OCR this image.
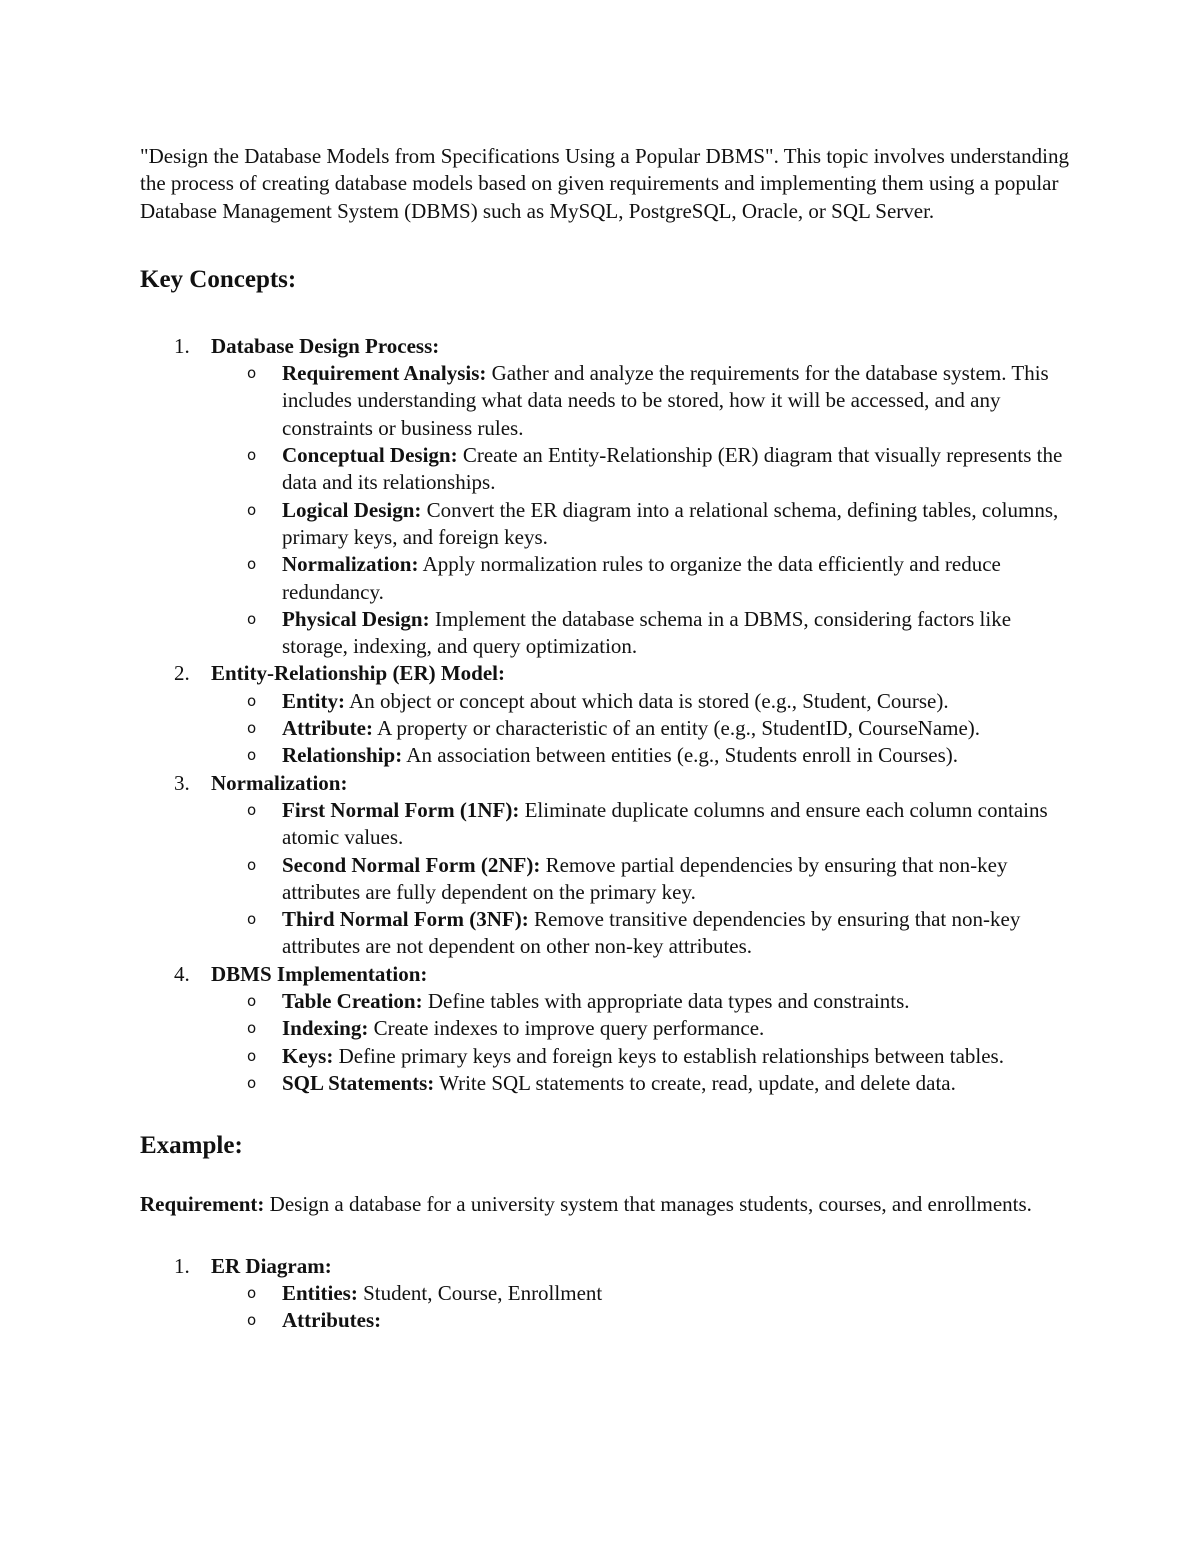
"Design the Database Models from Specifications Using a Popular DBMS". This topic involves understanding the process of creating database models based on given requirements and implementing them using a popular Database Management System (DBMS) such as MySQL, PostgreSQL, Oracle, or SQL Server.

Key Concepts:
1. Database Design Process:
o Requirement Analysis: Gather and analyze the requirements for the database system. This includes understanding what data needs to be stored, how it will be accessed, and any constraints or business rules.
o Conceptual Design: Create an Entity-Relationship (ER) diagram that visually represents the data and its relationships.
o Logical Design: Convert the ER diagram into a relational schema, defining tables, columns, primary keys, and foreign keys.
o Normalization: Apply normalization rules to organize the data efficiently and reduce redundancy.
o Physical Design: Implement the database schema in a DBMS, considering factors like storage, indexing, and query optimization.
2. Entity-Relationship (ER) Model:
o Entity: An object or concept about which data is stored (e.g., Student, Course).
o Attribute: A property or characteristic of an entity (e.g., StudentID, CourseName).
o Relationship: An association between entities (e.g., Students enroll in Courses).
3. Normalization:
o First Normal Form (1NF): Eliminate duplicate columns and ensure each column contains atomic values.
o Second Normal Form (2NF): Remove partial dependencies by ensuring that non-key attributes are fully dependent on the primary key.
o Third Normal Form (3NF): Remove transitive dependencies by ensuring that non-key attributes are not dependent on other non-key attributes.
4. DBMS Implementation:
o Table Creation: Define tables with appropriate data types and constraints.
o Indexing: Create indexes to improve query performance.
o Keys: Define primary keys and foreign keys to establish relationships between tables.
o SQL Statements: Write SQL statements to create, read, update, and delete data.
Example:

Requirement: Design a database for a university system that manages students, courses, and enrollments.

1. ER Diagram:
o Entities: Student, Course, Enrollment
o Attributes:
